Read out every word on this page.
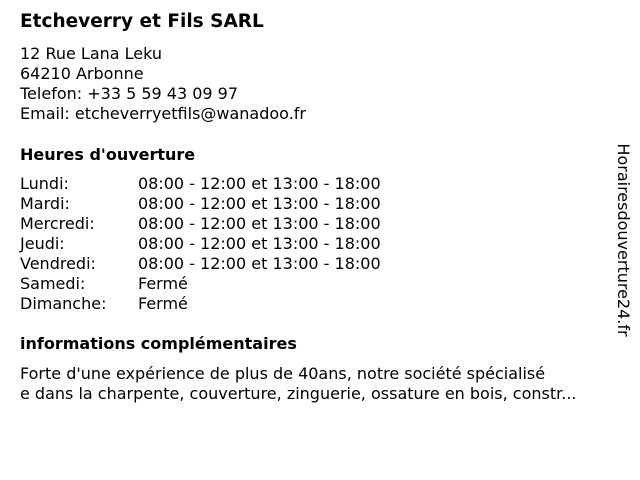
Etcheverry et Fils SARL
12 Rue Lana Leku
64210 Arbonne
Telefon: +33 5 59 43 09 97
Email: etcheverryetfils@wanadoo.fr
Heures d'ouverture
Lundi:	08:00 - 12:00 et 13:00 - 18:00
Mardi:	08:00 - 12:00 et 13:00 - 18:00
Mercredi:	08:00 - 12:00 et 13:00 - 18:00
Jeudi:	08:00 - 12:00 et 13:00 - 18:00
Vendredi:	08:00 - 12:00 et 13:00 - 18:00
Samedi:	Fermé
Dimanche: Fermé
informations complémentaires
Forte d'une expérience de plus de 40ans, notre société spécialisé
e dans la charpente, couverture, zinguerie, ossature en bois, constr...
Horairesdouverture24.fr
